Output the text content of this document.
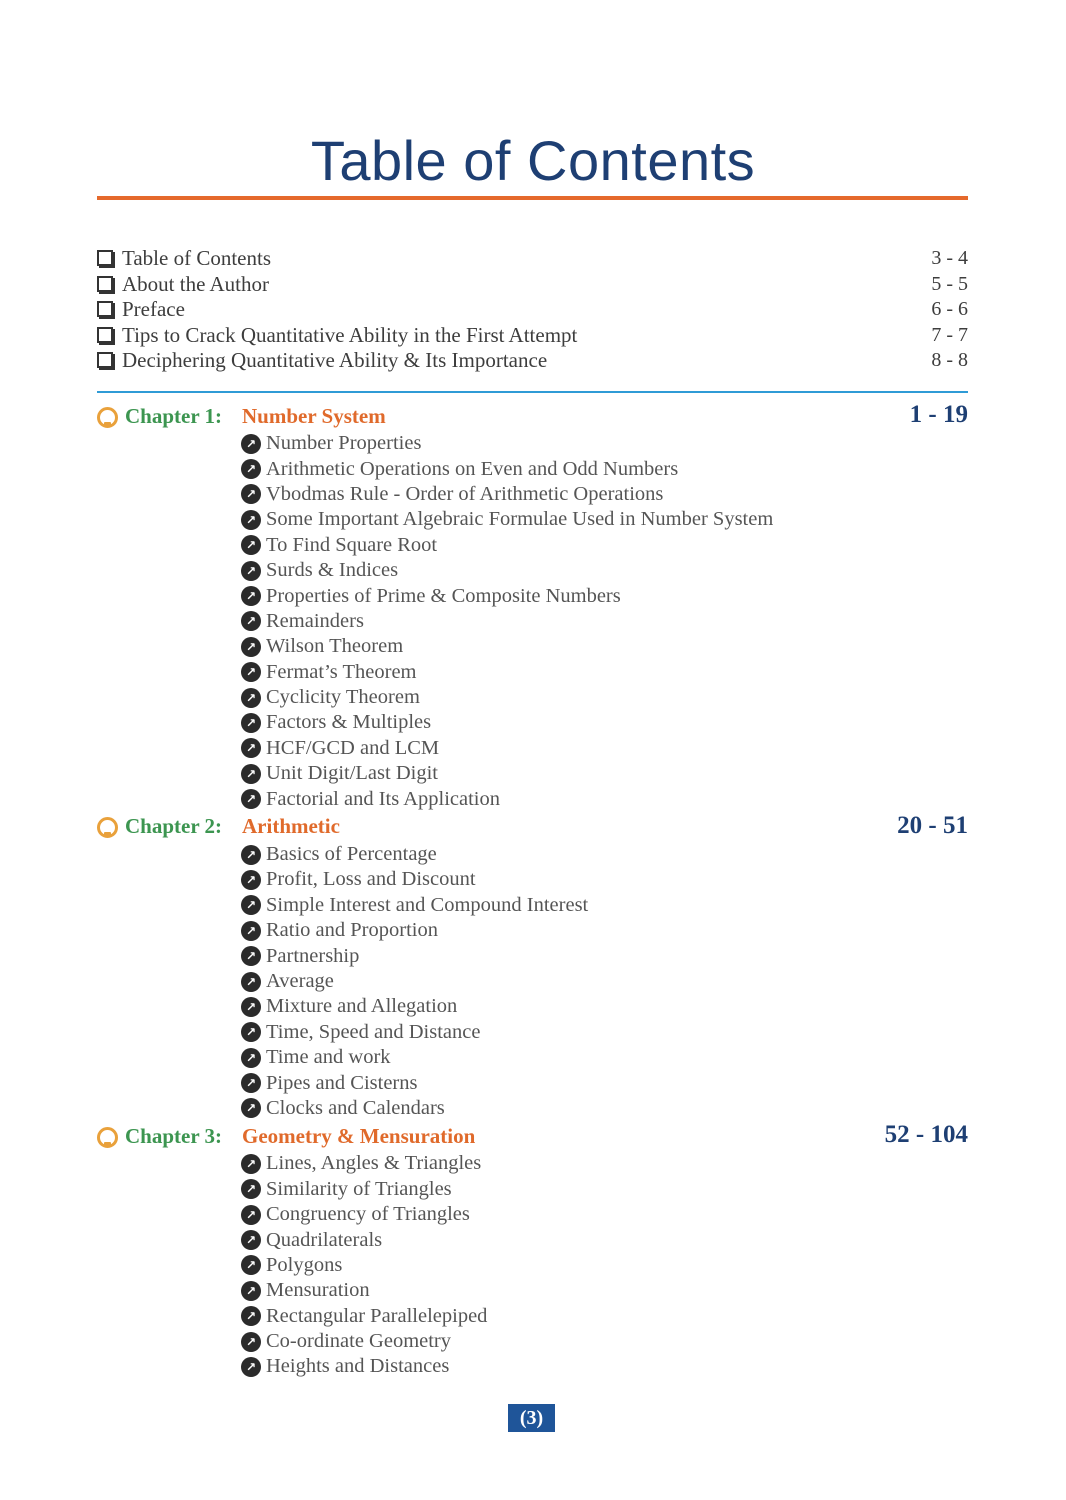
Table of Contents
Table of Contents	3 - 4
About the Author	5 - 5
Preface	6 - 6
Tips to Crack Quantitative Ability in the First Attempt	7 - 7
Deciphering Quantitative Ability & Its Importance	8 - 8
Chapter 1: Number System	1 - 19
↗ Number Properties
↗ Arithmetic Operations on Even and Odd Numbers
↗ Vbodmas Rule - Order of Arithmetic Operations
↗ Some Important Algebraic Formulae Used in Number System
↗ To Find Square Root
↗ Surds & Indices
↗ Properties of Prime & Composite Numbers
↗ Remainders
↗ Wilson Theorem
↗ Fermat’s Theorem
↗ Cyclicity Theorem
↗ Factors & Multiples
↗ HCF/GCD and LCM
↗ Unit Digit/Last Digit
↗ Factorial and Its Application
Chapter 2: Arithmetic	20 - 51
↗ Basics of Percentage
↗ Profit, Loss and Discount
↗ Simple Interest and Compound Interest
↗ Ratio and Proportion
↗ Partnership
↗ Average
↗ Mixture and Allegation
↗ Time, Speed and Distance
↗ Time and work
↗ Pipes and Cisterns
↗ Clocks and Calendars
Chapter 3: Geometry & Mensuration	52 - 104
↗ Lines, Angles & Triangles
↗ Similarity of Triangles
↗ Congruency of Triangles
↗ Quadrilaterals
↗ Polygons
↗ Mensuration
↗ Rectangular Parallelepiped
↗ Co-ordinate Geometry
↗ Heights and Distances
(3)
